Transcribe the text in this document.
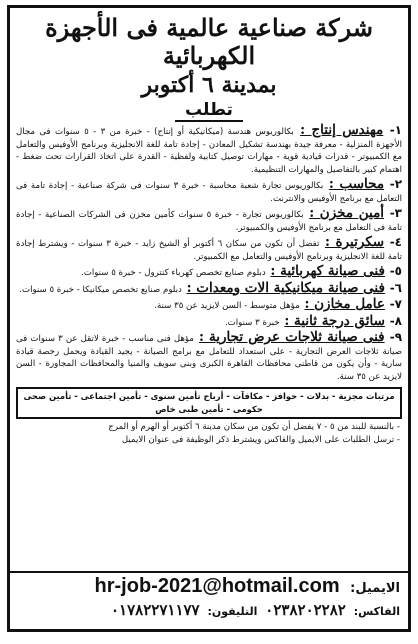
شركة صناعية عالمية فى الأجهزة الكهربائية
بمدينة ٦ أكتوبر
تطلب
١- مهندس إنتاج : بكالوريوس هندسة (ميكانيكية أو إنتاج) - خبرة من ٣ - ٥ سنوات فى مجال الأجهزة المنزلية - معرفة جيدة بهندسة تشكيل المعادن - إجادة تامة للغة الانجليزية وبرنامج الأوفيس والتعامل مع الكمبيوتر - قدرات قيادية قوية - مهارات توصيل كتابية ولفظية - القدرة على اتخاذ القرارات تحت ضغط - اهتمام كبير بالتفاصيل والمهارات التنظيمية.
٢- محاسب : بكالوريوس تجارة شعبة محاسبة - خبرة ٣ سنوات فى شركة صناعية - إجادة تامة فى التعامل مع برنامج الأوفيس والانترنت.
٣- أمين مخزن : بكالوريوس تجارة - خبرة ٥ سنوات كأمين مخزن فى الشركات الصناعية - إجادة تامة فى التعامل مع برنامج الأوفيس والكمبيوتر.
٤- سكرتيرة : تفضل أن تكون من سكان ٦ أكتوبر أو الشيخ زايد - خبرة ٣ سنوات - ويشترط إجادة تامة للغة الانجليزية وبرنامج الأوفيس والتعامل مع الكمبيوتر.
٥- فنى صيانة كهربائية : دبلوم صنايع تخصص كهرباء كنترول - خبرة ٥ سنوات.
٦- فنى صيانة ميكانيكية الات ومعدات : دبلوم صنايع تخصص ميكانيكا - خبرة ٥ سنوات.
٧- عامل مخازن : مؤهل متوسط - السن لايزيد عن ٣٥ سنة.
٨- سائق درجة ثانية : خبرة ٣ سنوات.
٩- فنى صيانة ثلاجات عرض تجارية : مؤهل فنى مناسب - خبرة لاتقل عن ٣ سنوات فى صيانة ثلاجات العرض التجارية - على استعداد للتعامل مع برامج الصيانة - يجيد القيادة ويحمل رخصة قيادة سارية - وأن يكون من قاطنى محافظات القاهرة الكبرى وبنى سويف والمنيا والمحافظات المجاورة - السن لايزيد عن ٣٥ سنة.
مرتبات مجزية - بدلات - حوافز - مكافآت - أرباح تأمين سنوى - تأمين اجتماعى - تأمين صحى حكومى - تأمين طبى خاص
- بالنسبة للبند من ٥ - ٧ يفضل أن تكون من سكان مدينة ٦ أكتوبر أو الهرم أو المرج
- ترسل الطلبات على الايميل والفاكس ويشترط ذكر الوظيفة فى عنوان الايميل
الايميل: hr-job-2021@hotmail.com
الفاكس: ٠٢٣٨٢٠٢٢٨٢ التليفون: ٠١٧٨٢٢٧١١٧٧
